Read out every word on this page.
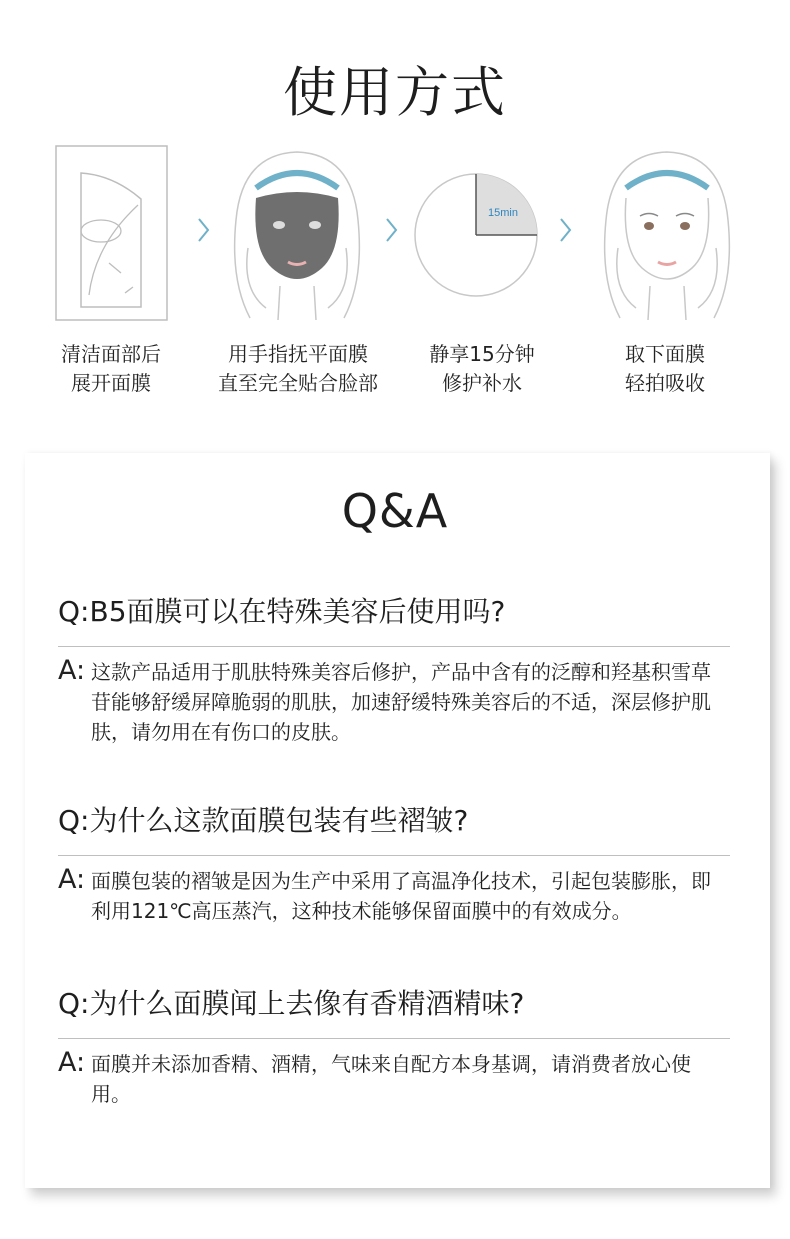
使用方式
15min
清洁面部后
展开面膜
用手指抚平面膜
直至完全贴合脸部
静享15分钟
修护补水
取下面膜
轻拍吸收
Q&A
Q:B5面膜可以在特殊美容后使用吗?
A: 这款产品适用于肌肤特殊美容后修护，产品中含有的泛醇和羟基积雪草苷能够舒缓屏障脆弱的肌肤，加速舒缓特殊美容后的不适，深层修护肌肤，请勿用在有伤口的皮肤。
Q:为什么这款面膜包装有些褶皱?
A: 面膜包装的褶皱是因为生产中采用了高温净化技术，引起包装膨胀，即利用121℃高压蒸汽，这种技术能够保留面膜中的有效成分。
Q:为什么面膜闻上去像有香精酒精味?
A: 面膜并未添加香精、酒精，气味来自配方本身基调，请消费者放心使用。
